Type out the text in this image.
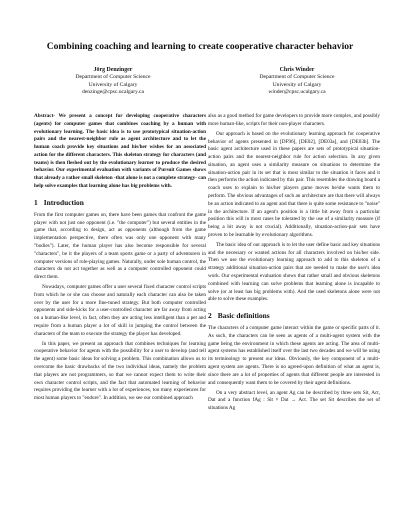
Combining coaching and learning to create cooperative character behavior
Jörg Denzinger
Department of Computer Science
University of Calgary
denzinge@cpsc.ucalgary.ca
Chris Winder
Department of Computer Science
University of Calgary
winder@cpsc.ucalgary.ca

Abstract- We present a concept for developing cooperative characters (agents) for computer games that combines coaching by a human with evolutionary learning. The basic idea is to use prototypical situation-action pairs and the nearest-neighbor rule as agent architecture and to let the human coach provide key situations and his/her wishes for an associated action for the different characters. This skeleton strategy for characters (and teams) is then fleshed out by the evolutionary learner to produce the desired behavior. Our experimental evaluation with variants of Pursuit Games shows that already a rather small skeleton -that alone is not a complete strategy- can help solve examples that learning alone has big problems with.

1 Introduction

From the first computer games on, there have been games that confront the game player with not just one opponent (i.e. "the computer") but several entities in the game that, according to design, act as opponents (although from the game implementation perspective, there often was only one opponent with many "bodies"). Later, the human player has also become responsible for several "characters", be it the players of a team sports game or a party of adventurers in computer versions of role-playing games. Naturally, under sole human control, the characters do not act together as well as a computer controlled opponent could direct them.

Nowadays, computer games offer a user several fixed character control scripts from which he or she can choose and naturally each character can also be taken over by the user for a more fine-tuned strategy. But both computer controlled opponents and side-kicks for a user-controlled character are far away from acting on a human-like level, in fact, often they are acting less intelligent than a pet and require from a human player a lot of skill in jumping the control between the characters of the team to execute the strategy the player has developed.

In this paper, we present an approach that combines techniques for learning cooperative behavior for agents with the possibility for a user to develop (and tell the agent) some basic ideas for solving a problem. This combination allows us to overcome the basic drawbacks of the two individual ideas, namely the problem that players are not programmers, so that we cannot expect them to write their own character control scripts, and the fact that automated learning of behavior requires providing the learner with a lot of experiences, too many experiences for most human players to "endure". In addition, we see our combined approach

also as a good method for game developers to provide more complex, and possibly more human-like, scripts for their non-player characters.

Our approach is based on the evolutionary learning approach for cooperative behavior of agents presented in [DF96], [DE02], [DE03a], and [DE03b]. The basic agent architecture used in these papers are sets of prototypical situation-action pairs and the nearest-neighbor rule for action selection. In any given situation, an agent uses a similarity measure on situations to determine the situation-action pair in its set that is most similar to the situation it faces and it then performs the action indicated by this pair. This resembles the drawing board a coach uses to explain to his/her players game moves he/she wants them to perform. The obvious advantages of such an architecture are that there will always be an action indicated to an agent and that there is quite some resistance to "noise" in the architecture. If an agent's position is a little bit away from a particular position this will in most cases be tolerated by the use of a similarity measure (if being a bit away is not crucial). Additionally, situation-action-pair sets have proven to be learnable by evolutionary algorithms.

The basic idea of our approach is to let the user define basic and key situations and the necessary or wanted actions for all characters involved on his/her side. Then we use the evolutionary learning approach to add to this skeleton of a strategy additional situation-action pairs that are needed to make the user's idea work. Our experimental evaluation shows that rather small and obvious skeletons combined with learning can solve problems that learning alone is incapable to solve (or at least has big problems with). And the used skeletons alone were not able to solve these examples.

2 Basic definitions

The characters of a computer game interact within the game or specific parts of it. As such, the characters can be seen as agents of a multi-agent system with the game being the environment in which these agents are acting. The area of multi-agent systems has established itself over the last two decades and we will be using its terminology to present our ideas. Obviously, the key component of a multi-agent system are agents. There is no agreed-upon definition of what an agent is, since there are a lot of properties of agents that different people are interested in and consequently want them to be covered by their agent definitions.

On a very abstract level, an agent Ag can be described by three sets Sit, Act, Dat and a function fAg : Sit × Dat → Act. The set Sit describes the set of situations Ag
